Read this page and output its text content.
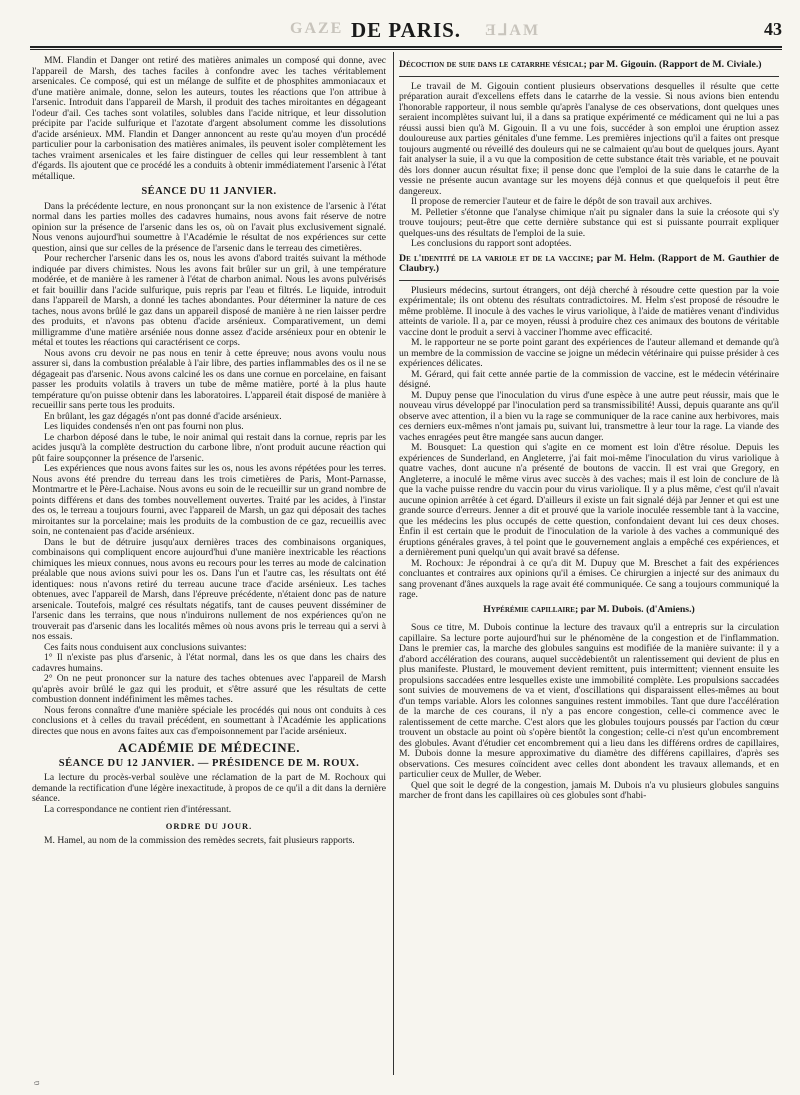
GAZE	ƎᒧAM
DE PARIS.	43

MM. Flandin et Danger ont retiré des matières animales un composé qui donne, avec l'appareil de Marsh, des taches faciles à confondre avec les taches véritablement arsenicales. Ce composé, qui est un mélange de sulfite et de phosphites ammoniacaux et d'une matière animale, donne, selon les auteurs, toutes les réactions que l'on attribue à l'arsenic. Introduit dans l'appareil de Marsh, il produit des taches miroitantes en dégageant l'odeur d'ail. Ces taches sont volatiles, solubles dans l'acide nitrique, et leur dissolution précipite par l'acide sulfurique et l'azotate d'argent absolument comme les dissolutions d'acide arsénieux. MM. Flandin et Danger annoncent au reste qu'au moyen d'un procédé particulier pour la carbonisation des matières animales, ils peuvent isoler complètement les taches vraiment arsenicales et les faire distinguer de celles qui leur ressemblent à tant d'égards. Ils ajoutent que ce procédé les a conduits à obtenir immédiatement l'arsenic à l'état métallique.

SÉANCE DU 11 JANVIER.

Dans la précédente lecture, en nous prononçant sur la non existence de l'arsenic à l'état normal dans les parties molles des cadavres humains, nous avons fait réserve de notre opinion sur la présence de l'arsenic dans les os, où on l'avait plus exclusivement signalé. Nous venons aujourd'hui soumettre à l'Académie le résultat de nos expériences sur cette question, ainsi que sur celles de la présence de l'arsenic dans le terreau des cimetières.

Pour rechercher l'arsenic dans les os, nous les avons d'abord traités suivant la méthode indiquée par divers chimistes. Nous les avons fait brûler sur un gril, à une température modérée, et de manière à les ramener à l'état de charbon animal. Nous les avons pulvérisés et fait bouillir dans l'acide sulfurique, puis repris par l'eau et filtrés. Le liquide, introduit dans l'appareil de Marsh, a donné les taches abondantes. Pour déterminer la nature de ces taches, nous avons brûlé le gaz dans un appareil disposé de manière à ne rien laisser perdre des produits, et n'avons pas obtenu d'acide arsénieux. Comparativement, un demi milligramme d'une matière arséniée nous donne assez d'acide arsénieux pour en obtenir le métal et toutes les réactions qui caractérisent ce corps.

Nous avons cru devoir ne pas nous en tenir à cette épreuve; nous avons voulu nous assurer si, dans la combustion préalable à l'air libre, des parties inflammables des os il ne se dégageait pas d'arsenic. Nous avons calciné les os dans une cornue en porcelaine, en faisant passer les produits volatils à travers un tube de même matière, porté à la plus haute température qu'on puisse obtenir dans les laboratoires. L'appareil était disposé de manière à recueillir sans perte tous les produits.

En brûlant, les gaz dégagés n'ont pas donné d'acide arsénieux.

Les liquides condensés n'en ont pas fourni non plus.

Le charbon déposé dans le tube, le noir animal qui restait dans la cornue, repris par les acides jusqu'à la complète destruction du carbone libre, n'ont produit aucune réaction qui pût faire soupçonner la présence de l'arsenic.

Les expériences que nous avons faites sur les os, nous les avons répétées pour les terres. Nous avons été prendre du terreau dans les trois cimetières de Paris, Mont-Parnasse, Montmartre et le Père-Lachaise. Nous avons eu soin de le recueillir sur un grand nombre de points différens et dans des tombes nouvellement ouvertes. Traité par les acides, à l'instar des os, le terreau a toujours fourni, avec l'appareil de Marsh, un gaz qui déposait des taches miroitantes sur la porcelaine; mais les produits de la combustion de ce gaz, recueillis avec soin, ne contenaient pas d'acide arsénieux.

Dans le but de détruire jusqu'aux dernières traces des combinaisons organiques, combinaisons qui compliquent encore aujourd'hui d'une manière inextricable les réactions chimiques les mieux connues, nous avons eu recours pour les terres au mode de calcination préalable que nous avions suivi pour les os. Dans l'un et l'autre cas, les résultats ont été identiques: nous n'avons retiré du terreau aucune trace d'acide arsénieux. Les taches obtenues, avec l'appareil de Marsh, dans l'épreuve précédente, n'étaient donc pas de nature arsenicale. Toutefois, malgré ces résultats négatifs, tant de causes peuvent disséminer de l'arsenic dans les terrains, que nous n'induirons nullement de nos expériences qu'on ne trouverait pas d'arsenic dans les localités mêmes où nous avons pris le terreau qui a servi à nos essais.

Ces faits nous conduisent aux conclusions suivantes:

1° Il n'existe pas plus d'arsenic, à l'état normal, dans les os que dans les chairs des cadavres humains.

2° On ne peut prononcer sur la nature des taches obtenues avec l'appareil de Marsh qu'après avoir brûlé le gaz qui les produit, et s'être assuré que les résultats de cette combustion donnent indéfiniment les mêmes taches.

Nous ferons connaître d'une manière spéciale les procédés qui nous ont conduits à ces conclusions et à celles du travail précédent, en soumettant à l'Académie les applications directes que nous en avons faites aux cas d'empoisonnement par l'acide arsénieux.

ACADÉMIE DE MÉDECINE.
SÉANCE DU 12 JANVIER. — PRÉSIDENCE DE M. ROUX.

La lecture du procès-verbal soulève une réclamation de la part de M. Rochoux qui demande la rectification d'une légère inexactitude, à propos de ce qu'il a dit dans la dernière séance.

La correspondance ne contient rien d'intéressant.

ORDRE DU JOUR.

M. Hamel, au nom de la commission des remèdes secrets, fait plusieurs rapports.

Décoction de suie dans le catarrhe vésical; par M. Gigouin. (Rapport de M. Civiale.)

Le travail de M. Gigouin contient plusieurs observations desquelles il résulte que cette préparation aurait d'excellens effets dans le catarrhe de la vessie. Si nous avions bien entendu l'honorable rapporteur, il nous semble qu'après l'analyse de ces observations, dont quelques unes seraient incomplètes suivant lui, il a dans sa pratique expérimenté ce médicament qui ne lui a pas réussi aussi bien qu'à M. Gigouin. Il a vu une fois, succéder à son emploi une éruption assez douloureuse aux parties génitales d'une femme. Les premières injections qu'il a faites ont presque toujours augmenté ou réveillé des douleurs qui ne se calmaient qu'au bout de quelques jours. Ayant fait analyser la suie, il a vu que la composition de cette substance était très variable, et ne pouvait dès lors donner aucun résultat fixe; il pense donc que l'emploi de la suie dans le catarrhe de la vessie ne présente aucun avantage sur les moyens déjà connus et que quelquefois il peut être dangereux.

Il propose de remercier l'auteur et de faire le dépôt de son travail aux archives.

M. Pelletier s'étonne que l'analyse chimique n'ait pu signaler dans la suie la créosote qui s'y trouve toujours; peut-être que cette dernière substance qui est si puissante pourrait expliquer quelques-uns des résultats de l'emploi de la suie.

Les conclusions du rapport sont adoptées.

De l'identité de la variole et de la vaccine; par M. Helm. (Rapport de M. Gauthier de Claubry.)

Plusieurs médecins, surtout étrangers, ont déjà cherché à résoudre cette question par la voie expérimentale; ils ont obtenu des résultats contradictoires. M. Helm s'est proposé de résoudre le même problème. Il inocule à des vaches le virus variolique, à l'aide de matières venant d'individus atteints de variole. Il a, par ce moyen, réussi à produire chez ces animaux des boutons de véritable vaccine dont le produit a servi à vacciner l'homme avec efficacité.

M. le rapporteur ne se porte point garant des expériences de l'auteur allemand et demande qu'à un membre de la commission de vaccine se joigne un médecin vétérinaire qui puisse présider à ces expériences délicates.

M. Gérard, qui fait cette année partie de la commission de vaccine, est le médecin vétérinaire désigné.

M. Dupuy pense que l'inoculation du virus d'une espèce à une autre peut réussir, mais que le nouveau virus développé par l'inoculation perd sa transmissibilité! Aussi, depuis quarante ans qu'il observe avec attention, il a bien vu la rage se communiquer de la race canine aux herbivores, mais ces derniers eux-mêmes n'ont jamais pu, suivant lui, transmettre à leur tour la rage. La viande des vaches enragées peut être mangée sans aucun danger.

M. Bousquet: La question qui s'agite en ce moment est loin d'être résolue. Depuis les expériences de Sunderland, en Angleterre, j'ai fait moi-même l'inoculation du virus variolique à quatre vaches, dont aucune n'a présenté de boutons de vaccin. Il est vrai que Gregory, en Angleterre, a inoculé le même virus avec succès à des vaches; mais il est loin de conclure de là que la vache puisse rendre du vaccin pour du virus variolique. Il y a plus même, c'est qu'il n'avait aucune opinion arrêtée à cet égard. D'ailleurs il existe un fait signalé déjà par Jenner et qui est une grande source d'erreurs. Jenner a dit et prouvé que la variole inoculée ressemble tant à la vaccine, que les médecins les plus occupés de cette question, confondaient devant lui ces deux choses. Enfin il est certain que le produit de l'inoculation de la variole à des vaches a communiqué des éruptions générales graves, à tel point que le gouvernement anglais a empêché ces expériences, et a dernièrement puni quelqu'un qui avait bravé sa défense.

M. Rochoux: Je répondrai à ce qu'a dit M. Dupuy que M. Breschet a fait des expériences concluantes et contraires aux opinions qu'il a émises. Ce chirurgien a injecté sur des animaux du sang provenant d'ânes auxquels la rage avait été communiquée. Ce sang a toujours communiqué la rage.

Hypérémie capillaire; par M. Dubois. (d'Amiens.)

Sous ce titre, M. Dubois continue la lecture des travaux qu'il a entrepris sur la circulation capillaire. Sa lecture porte aujourd'hui sur le phénomène de la congestion et de l'inflammation. Dans le premier cas, la marche des globules sanguins est modifiée de la manière suivante: il y a d'abord accélération des courans, auquel succèdebientôt un ralentissement qui devient de plus en plus manifeste. Plustard, le mouvement devient remittent, puis intermittent; viennent ensuite les propulsions saccadées entre lesquelles existe une immobilité complète. Les propulsions saccadées sont suivies de mouvemens de va et vient, d'oscillations qui disparaissent elles-mêmes au bout d'un temps variable. Alors les colonnes sanguines restent immobiles. Tant que dure l'accélération de la marche de ces courans, il n'y a pas encore congestion, celle-ci commence avec le ralentissement de cette marche. C'est alors que les globules toujours poussés par l'action du cœur trouvent un obstacle au point où s'opère bientôt la congestion; celle-ci n'est qu'un encombrement des globules. Avant d'étudier cet encombrement qui a lieu dans les différens ordres de capillaires, M. Dubois donne la mesure approximative du diamètre des différens capillaires, d'après ses observations. Ces mesures coïncident avec celles dont abondent les travaux allemands, et en particulier ceux de Muller, de Weber.

Quel que soit le degré de la congestion, jamais M. Dubois n'a vu plusieurs globules sanguins marcher de front dans les capillaires où ces globules sont d'habi-

ᴞ
